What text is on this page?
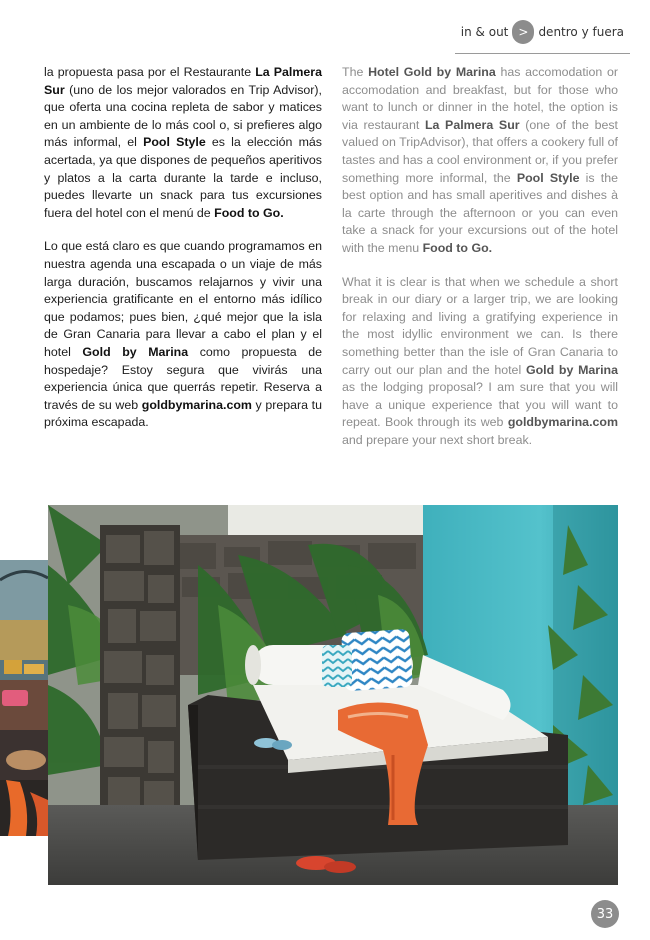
in & out > dentro y fuera

la propuesta pasa por el Restaurante La Palmera Sur (uno de los mejor valorados en Trip Advisor), que oferta una cocina repleta de sabor y matices en un ambiente de lo más cool o, si prefieres algo más informal, el Pool Style es la elección más acertada, ya que dispones de pequeños aperitivos y platos a la carta durante la tarde e incluso, puedes llevarte un snack para tus excursiones fuera del hotel con el menú de Food to Go.

Lo que está claro es que cuando programamos en nuestra agenda una escapada o un viaje de más larga duración, buscamos relajarnos y vivir una experiencia gratificante en el entorno más idílico que podamos; pues bien, ¿qué mejor que la isla de Gran Canaria para llevar a cabo el plan y el hotel Gold by Marina como propuesta de hospedaje? Estoy segura que vivirás una experiencia única que querrás repetir. Reserva a través de su web goldbymarina.com y prepara tu próxima escapada.

The Hotel Gold by Marina has accomodation or accomodation and breakfast, but for those who want to lunch or dinner in the hotel, the option is via restaurant La Palmera Sur (one of the best valued on TripAdvisor), that offers a cookery full of tastes and has a cool environment or, if you prefer something more informal, the Pool Style is the best option and has small aperitives and dishes à la carte through the afternoon or you can even take a snack for your excursions out of the hotel with the menu Food to Go.

What it is clear is that when we schedule a short break in our diary or a larger trip, we are looking for relaxing and living a gratifying experience in the most idyllic environment we can. Is there something better than the isle of Gran Canaria to carry out our plan and the hotel Gold by Marina as the lodging proposal? I am sure that you will have a unique experience that you will want to repeat. Book through its web goldbymarina.com and prepare your next short break.

33
